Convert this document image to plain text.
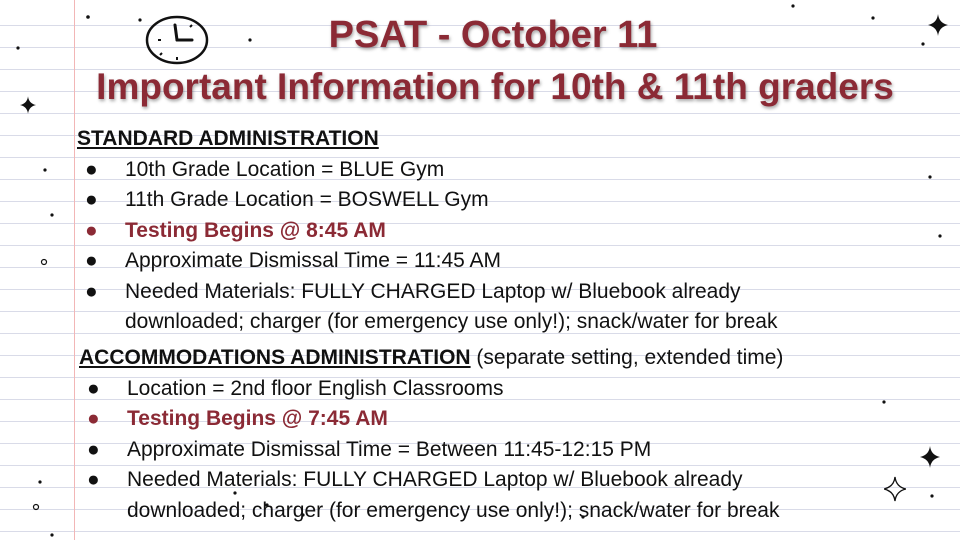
PSAT - October 11
Important Information for 10th & 11th graders
STANDARD ADMINISTRATION
● 10th Grade Location = BLUE Gym
● 11th Grade Location = BOSWELL Gym
● Testing Begins @ 8:45 AM
● Approximate Dismissal Time = 11:45 AM
● Needed Materials: FULLY CHARGED Laptop w/ Bluebook already
downloaded; charger (for emergency use only!); snack/water for break
ACCOMMODATIONS ADMINISTRATION (separate setting, extended time)
● Location = 2nd floor English Classrooms
● Testing Begins @ 7:45 AM
● Approximate Dismissal Time = Between 11:45-12:15 PM
● Needed Materials: FULLY CHARGED Laptop w/ Bluebook already
downloaded; charger (for emergency use only!); snack/water for break
